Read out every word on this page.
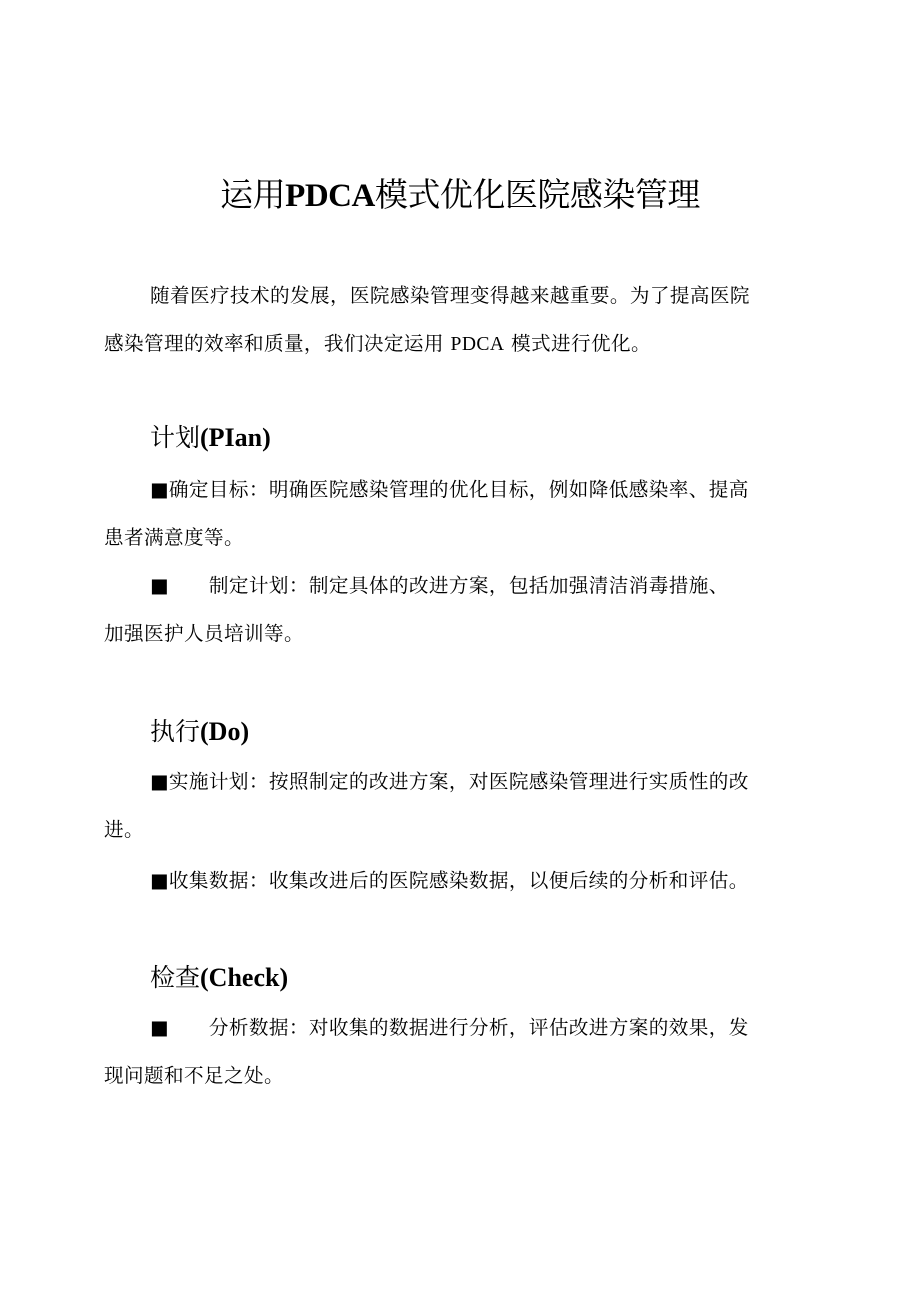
运用PDCA模式优化医院感染管理
随着医疗技术的发展，医院感染管理变得越来越重要。为了提高医院
感染管理的效率和质量，我们决定运用 PDCA 模式进行优化。
计划(PIan)
■确定目标：明确医院感染管理的优化目标，例如降低感染率、提高
患者满意度等。
■ 制定计划：制定具体的改进方案，包括加强清洁消毒措施、
加强医护人员培训等。
执行(Do)
■实施计划：按照制定的改进方案，对医院感染管理进行实质性的改
进。
■收集数据：收集改进后的医院感染数据，以便后续的分析和评估。
检查(Check)
■ 分析数据：对收集的数据进行分析，评估改进方案的效果，发
现问题和不足之处。
